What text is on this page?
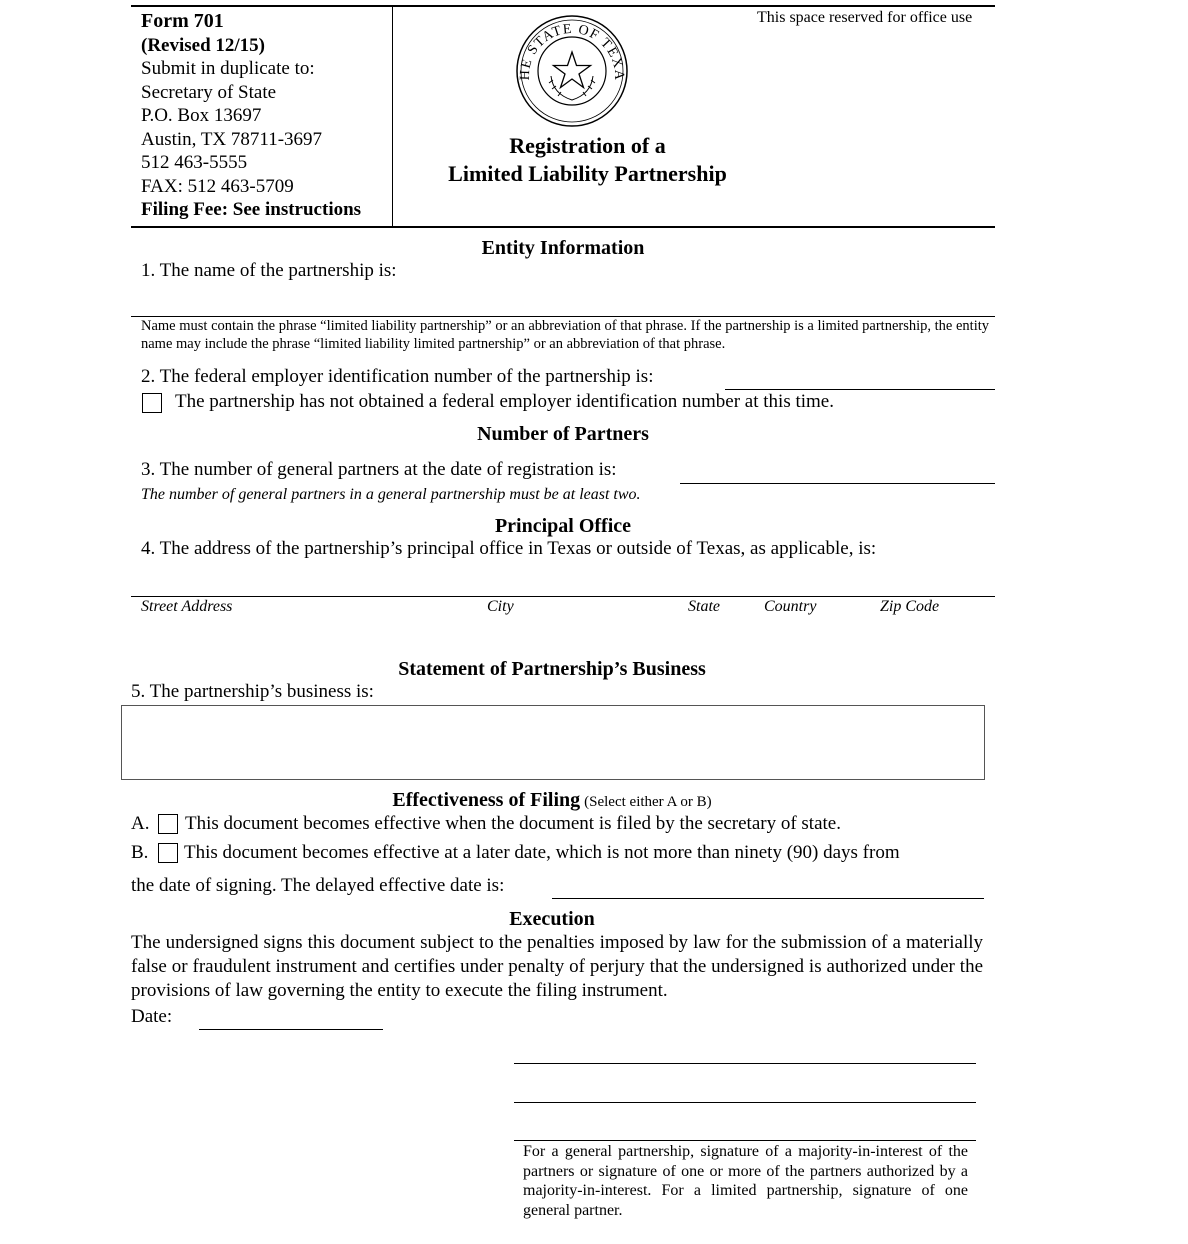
Form 701
(Revised 12/15)
Submit in duplicate to:
Secretary of State
P.O. Box 13697
Austin, TX 78711-3697
512 463-5555
FAX: 512 463-5709
Filing Fee: See instructions
HE STATE OF TEXA
Registration of a
Limited Liability Partnership
This space reserved for office use
Entity Information
1. The name of the partnership is:
Name must contain the phrase “limited liability partnership” or an abbreviation of that phrase. If the partnership is a limited partnership, the entity name may include the phrase “limited liability limited partnership” or an abbreviation of that phrase.
2. The federal employer identification number of the partnership is:
The partnership has not obtained a federal employer identification number at this time.
Number of Partners
3. The number of general partners at the date of registration is:
The number of general partners in a general partnership must be at least two.
Principal Office
4. The address of the partnership’s principal office in Texas or outside of Texas, as applicable, is:
Street Address	City	State	Country	Zip Code
Statement of Partnership’s Business
5. The partnership’s business is:
Effectiveness of Filing (Select either A or B)
A. This document becomes effective when the document is filed by the secretary of state.
B. This document becomes effective at a later date, which is not more than ninety (90) days from
the date of signing. The delayed effective date is:
Execution
The undersigned signs this document subject to the penalties imposed by law for the submission of a materially false or fraudulent instrument and certifies under penalty of perjury that the undersigned is authorized under the provisions of law governing the entity to execute the filing instrument.
Date:
For a general partnership, signature of a majority-in-interest of the partners or signature of one or more of the partners authorized by a majority-in-interest. For a limited partnership, signature of one general partner.
